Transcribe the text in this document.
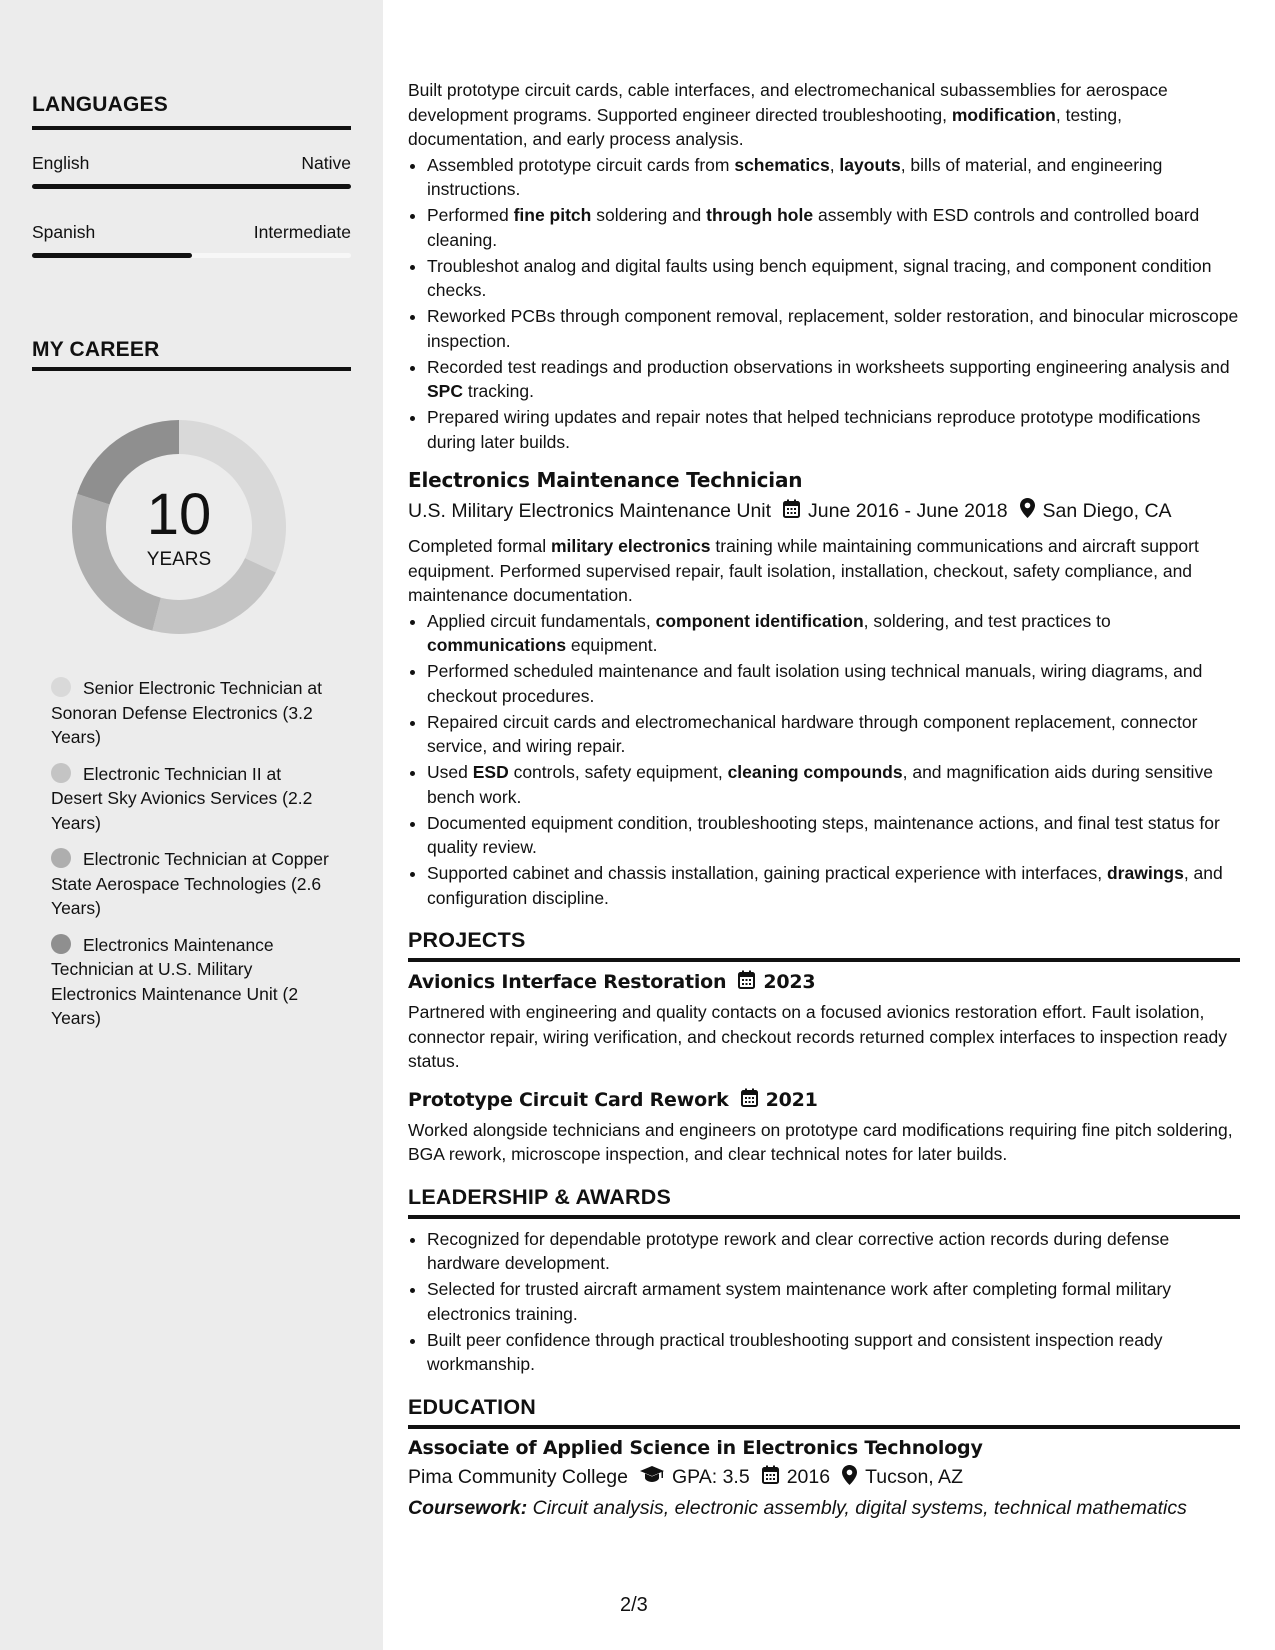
LANGUAGES
English	Native
Spanish	Intermediate
MY CAREER
10
YEARS
Senior Electronic Technician at Sonoran Defense Electronics (3.2 Years)
Electronic Technician II at Desert Sky Avionics Services (2.2 Years)
Electronic Technician at Copper State Aerospace Technologies (2.6 Years)
Electronics Maintenance Technician at U.S. Military Electronics Maintenance Unit (2 Years)

Built prototype circuit cards, cable interfaces, and electromechanical subassemblies for aerospace development programs. Supported engineer directed troubleshooting, modification, testing, documentation, and early process analysis.

• Assembled prototype circuit cards from schematics, layouts, bills of material, and engineering instructions.
• Performed fine pitch soldering and through hole assembly with ESD controls and controlled board cleaning.
• Troubleshot analog and digital faults using bench equipment, signal tracing, and component condition checks.
• Reworked PCBs through component removal, replacement, solder restoration, and binocular microscope inspection.
• Recorded test readings and production observations in worksheets supporting engineering analysis and SPC tracking.
• Prepared wiring updates and repair notes that helped technicians reproduce prototype modifications during later builds.
Electronics Maintenance Technician
U.S. Military Electronics Maintenance Unit June 2016 - June 2018 San Diego, CA

Completed formal military electronics training while maintaining communications and aircraft support equipment. Performed supervised repair, fault isolation, installation, checkout, safety compliance, and maintenance documentation.

• Applied circuit fundamentals, component identification, soldering, and test practices to communications equipment.
• Performed scheduled maintenance and fault isolation using technical manuals, wiring diagrams, and checkout procedures.
• Repaired circuit cards and electromechanical hardware through component replacement, connector service, and wiring repair.
• Used ESD controls, safety equipment, cleaning compounds, and magnification aids during sensitive bench work.
• Documented equipment condition, troubleshooting steps, maintenance actions, and final test status for quality review.
• Supported cabinet and chassis installation, gaining practical experience with interfaces, drawings, and configuration discipline.
PROJECTS
Avionics Interface Restoration 2023

Partnered with engineering and quality contacts on a focused avionics restoration effort. Fault isolation, connector repair, wiring verification, and checkout records returned complex interfaces to inspection ready status.

Prototype Circuit Card Rework 2021

Worked alongside technicians and engineers on prototype card modifications requiring fine pitch soldering, BGA rework, microscope inspection, and clear technical notes for later builds.

LEADERSHIP & AWARDS
• Recognized for dependable prototype rework and clear corrective action records during defense hardware development.
• Selected for trusted aircraft armament system maintenance work after completing formal military electronics training.
• Built peer confidence through practical troubleshooting support and consistent inspection ready workmanship.
EDUCATION
Associate of Applied Science in Electronics Technology
Pima Community College GPA: 3.5 2016 Tucson, AZ
Coursework: Circuit analysis, electronic assembly, digital systems, technical mathematics
2/3
